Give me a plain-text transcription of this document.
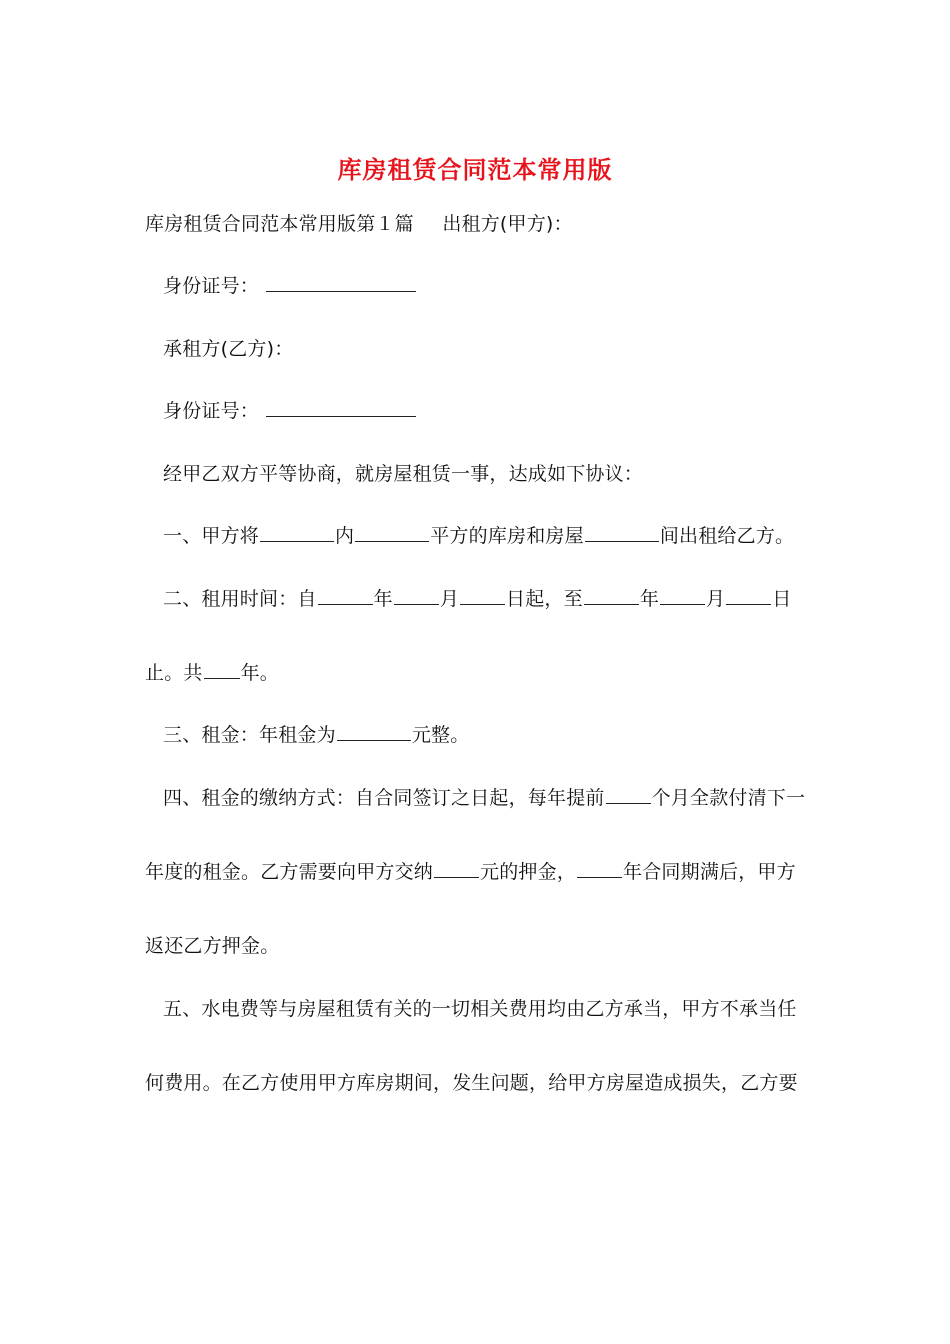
库房租赁合同范本常用版
库房租赁合同范本常用版第１篇 出租方(甲方)：
身份证号：
承租方(乙方)：
身份证号：
经甲乙双方平等协商，就房屋租赁一事，达成如下协议：
一、甲方将	内	平方的库房和房屋	间出租给乙方。
二、租用时间：自	年 月 日起，至	年 月 日
止。共 年。
三、租金：年租金为	元整。
四、租金的缴纳方式：自合同签订之日起，每年提前 个月全款付清下一
年度的租金。乙方需要向甲方交纳 元的押金， 年合同期满后，甲方
返还乙方押金。
五、水电费等与房屋租赁有关的一切相关费用均由乙方承当，甲方不承当任
何费用。在乙方使用甲方库房期间，发生问题，给甲方房屋造成损失，乙方要
